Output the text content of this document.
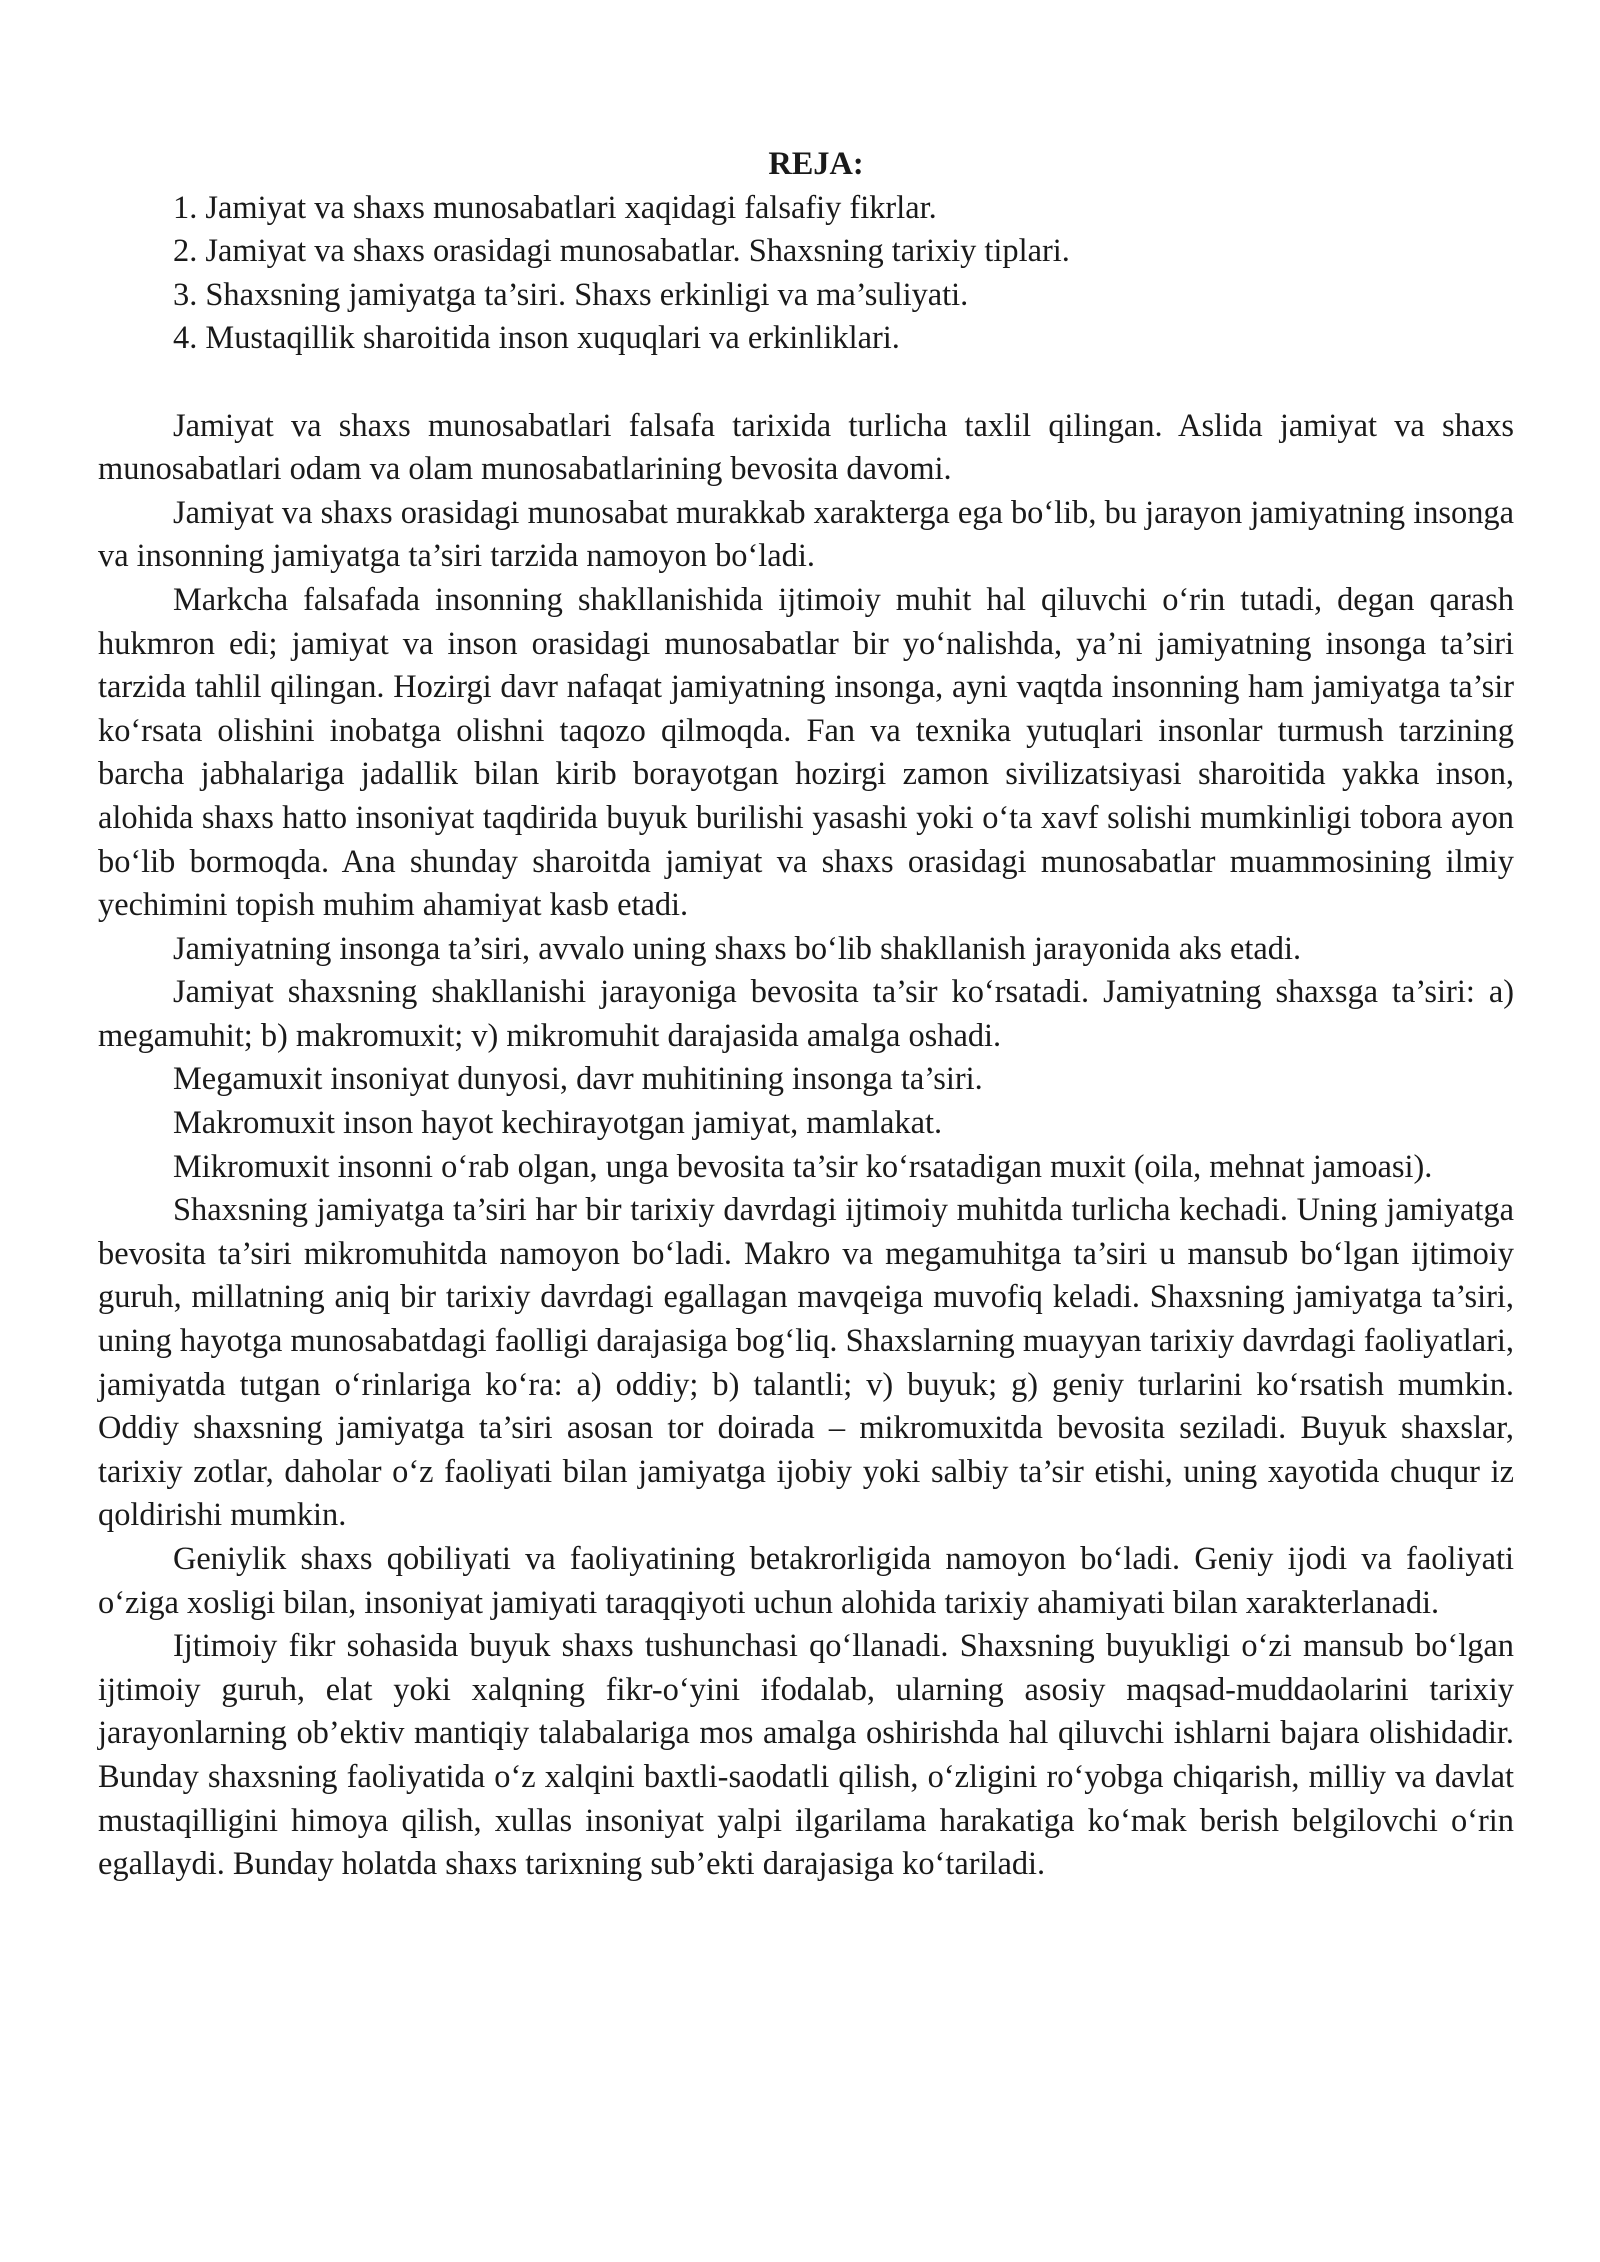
REJA:

1. Jamiyat va shaxs munosabatlari xaqidagi falsafiy fikrlar.
2. Jamiyat va shaxs orasidagi munosabatlar. Shaxsning tarixiy tiplari.
3. Shaxsning jamiyatga ta’siri. Shaxs erkinligi va ma’suliyati.
4. Mustaqillik sharoitida inson xuquqlari va erkinliklari.

Jamiyat va shaxs munosabatlari falsafa tarixida turlicha taxlil qilingan. Aslida jamiyat va shaxs munosabatlari odam va olam munosabatlarining bevosita davomi.

Jamiyat va shaxs orasidagi munosabat murakkab xarakterga ega bo‘lib, bu jarayon jamiyatning insonga va insonning jamiyatga ta’siri tarzida namoyon bo‘ladi.

Markcha falsafada insonning shakllanishida ijtimoiy muhit hal qiluvchi o‘rin tutadi, degan qarash hukmron edi; jamiyat va inson orasidagi munosabatlar bir yo‘nalishda, ya’ni jamiyatning insonga ta’siri tarzida tahlil qilingan. Hozirgi davr nafaqat jamiyatning insonga, ayni vaqtda insonning ham jamiyatga ta’sir ko‘rsata olishini inobatga olishni taqozo qilmoqda. Fan va texnika yutuqlari insonlar turmush tarzining barcha jabhalariga jadallik bilan kirib borayotgan hozirgi zamon sivilizatsiyasi sharoitida yakka inson, alohida shaxs hatto insoniyat taqdirida buyuk burilishi yasashi yoki o‘ta xavf solishi mumkinligi tobora ayon bo‘lib bormoqda. Ana shunday sharoitda jamiyat va shaxs orasidagi munosabatlar muammosining ilmiy yechimini topish muhim ahamiyat kasb etadi.

Jamiyatning insonga ta’siri, avvalo uning shaxs bo‘lib shakllanish jarayonida aks etadi.

Jamiyat shaxsning shakllanishi jarayoniga bevosita ta’sir ko‘rsatadi. Jamiyatning shaxsga ta’siri: a) megamuhit; b) makromuxit; v) mikromuhit darajasida amalga oshadi.

Megamuxit insoniyat dunyosi, davr muhitining insonga ta’siri.

Makromuxit inson hayot kechirayotgan jamiyat, mamlakat.

Mikromuxit insonni o‘rab olgan, unga bevosita ta’sir ko‘rsatadigan muxit (oila, mehnat jamoasi).

Shaxsning jamiyatga ta’siri har bir tarixiy davrdagi ijtimoiy muhitda turlicha kechadi. Uning jamiyatga bevosita ta’siri mikromuhitda namoyon bo‘ladi. Makro va megamuhitga ta’siri u mansub bo‘lgan ijtimoiy guruh, millatning aniq bir tarixiy davrdagi egallagan mavqeiga muvofiq keladi. Shaxsning jamiyatga ta’siri, uning hayotga munosabatdagi faolligi darajasiga bog‘liq. Shaxslarning muayyan tarixiy davrdagi faoliyatlari, jamiyatda tutgan o‘rinlariga ko‘ra: a) oddiy; b) talantli; v) buyuk; g) geniy turlarini ko‘rsatish mumkin. Oddiy shaxsning jamiyatga ta’siri asosan tor doirada – mikromuxitda bevosita seziladi. Buyuk shaxslar, tarixiy zotlar, daholar o‘z faoliyati bilan jamiyatga ijobiy yoki salbiy ta’sir etishi, uning xayotida chuqur iz qoldirishi mumkin.

Geniylik shaxs qobiliyati va faoliyatining betakrorligida namoyon bo‘ladi. Geniy ijodi va faoliyati o‘ziga xosligi bilan, insoniyat jamiyati taraqqiyoti uchun alohida tarixiy ahamiyati bilan xarakterlanadi.

Ijtimoiy fikr sohasida buyuk shaxs tushunchasi qo‘llanadi. Shaxsning buyukligi o‘zi mansub bo‘lgan ijtimoiy guruh, elat yoki xalqning fikr-o‘yini ifodalab, ularning asosiy maqsad-muddaolarini tarixiy jarayonlarning ob’ektiv mantiqiy talabalariga mos amalga oshirishda hal qiluvchi ishlarni bajara olishidadir. Bunday shaxsning faoliyatida o‘z xalqini baxtli-saodatli qilish, o‘zligini ro‘yobga chiqarish, milliy va davlat mustaqilligini himoya qilish, xullas insoniyat yalpi ilgarilama harakatiga ko‘mak berish belgilovchi o‘rin egallaydi. Bunday holatda shaxs tarixning sub’ekti darajasiga ko‘tariladi.
